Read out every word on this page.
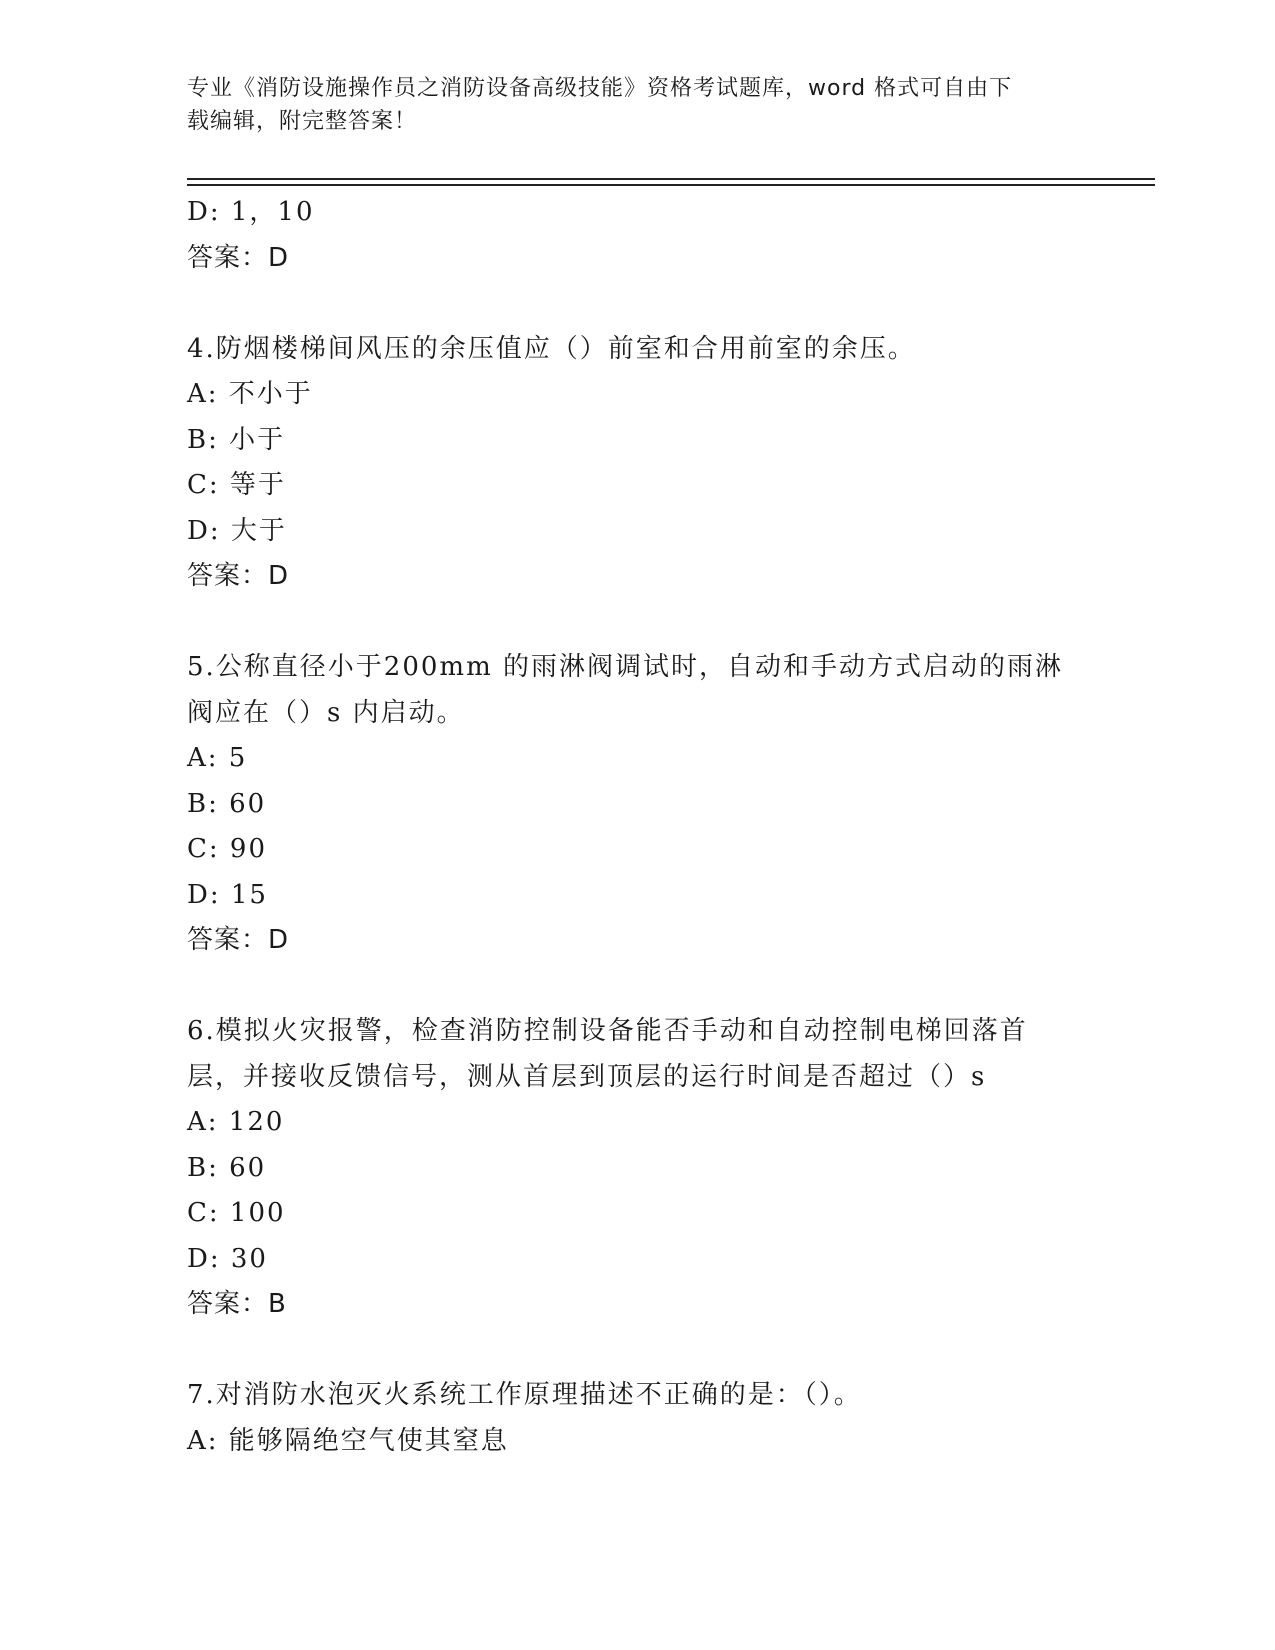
专业《消防设施操作员之消防设备高级技能》资格考试题库，word 格式可自由下
载编辑，附完整答案！
D: 1，10
答案：D
4.防烟楼梯间风压的余压值应（）前室和合用前室的余压。
A: 不小于
B: 小于
C: 等于
D: 大于
答案：D
5.公称直径小于200mm 的雨淋阀调试时，自动和手动方式启动的雨淋
阀应在（）s 内启动。
A: 5
B: 60
C: 90
D: 15
答案：D
6.模拟火灾报警，检查消防控制设备能否手动和自动控制电梯回落首
层，并接收反馈信号，测从首层到顶层的运行时间是否超过（）s
A: 120
B: 60
C: 100
D: 30
答案：B
7.对消防水泡灭火系统工作原理描述不正确的是：（）。
A: 能够隔绝空气使其窒息
